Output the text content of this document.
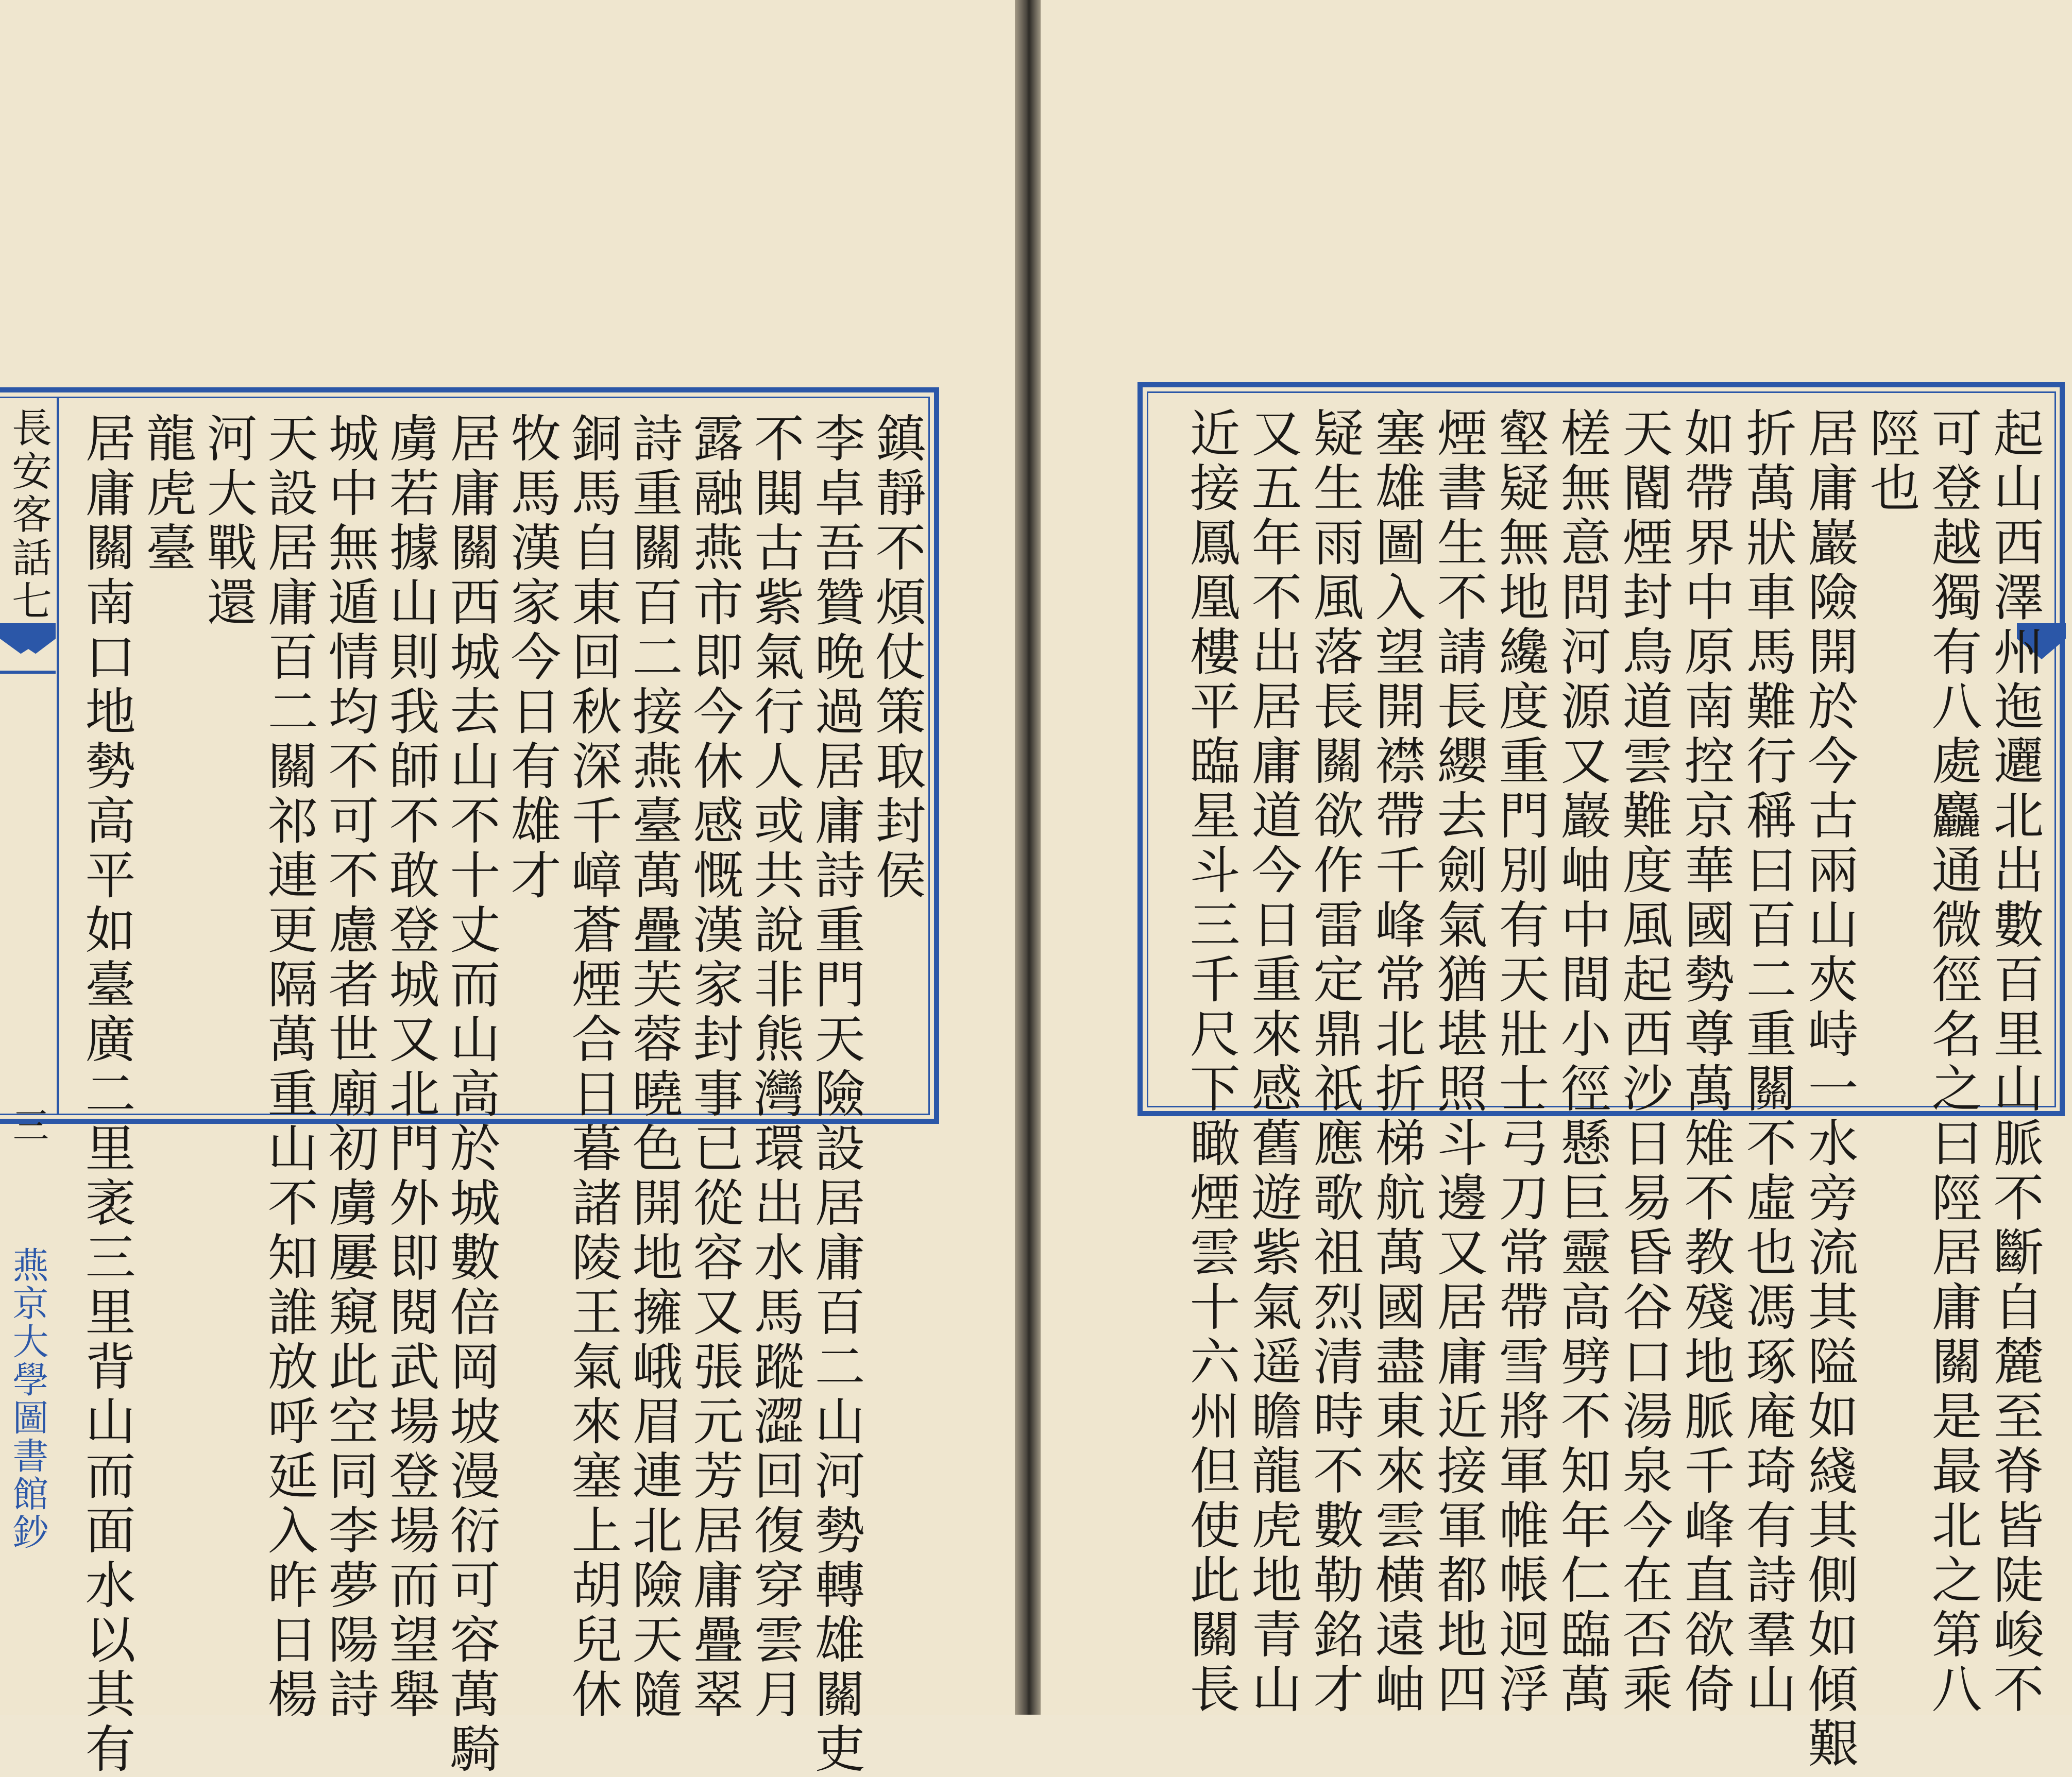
長安客話七
三
燕京大學圖書館鈔
鎮靜不煩仗策取封侯
李卓吾贊晚過居庸詩重門天險設居庸百二山河勢轉雄關吏
不閧古紫氣行人或共說非熊灣環出水馬蹤澀回復穿雲月
露融燕市即今休感慨漢家封事已從容又張元芳居庸疊翠
詩重關百二接燕臺萬疊芙蓉曉色開地擁峨眉連北險天隨
銅馬自東回秋深千嶂蒼煙合日暮諸陵王氣來塞上胡兒休
牧馬漢家今日有雄才
居庸關西城去山不十丈而山高於城數倍岡坡漫衍可容萬騎
虜若據山則我師不敢登城又北門外即閱武場登場而望舉
城中無遁情均不可不慮者世廟初虜屢窺此空同李夢陽詩
天設居庸百二關祁連更隔萬重山不知誰放呼延入昨日楊
河大戰還
龍虎臺
居庸關南口地勢高平如臺廣二里袤三里背山而面水以其有	起山西澤州迤邐北出數百里山脈不斷自麓至脊皆陡峻不
可登越獨有八處麤通微徑名之曰陘居庸關是最北之第八
陘也
居庸巖險開於今古兩山夾峙一水旁流其隘如綫其側如傾艱
折萬狀車馬難行稱曰百二重關不虛也馮琢庵琦有詩羣山
如帶界中原南控京華國勢尊萬雉不教殘地脈千峰直欲倚
天閽煙封鳥道雲難度風起西沙日易昏谷口湯泉今在否乘
槎無意問河源又巖岫中間小徑懸巨靈高劈不知年仁臨萬
壑疑無地纔度重門別有天壯士弓刀常帶雪將軍帷帳迥浮
煙書生不請長纓去劍氣猶堪照斗邊又居庸近接軍都地四
塞雄圖入望開襟帶千峰常北折梯航萬國盡東來雲横遠岫
疑生雨風落長關欲作雷定鼎祇應歌祖烈清時不數勒銘才
又五年不出居庸道今日重來感舊遊紫氣遥瞻龍虎地青山
近接鳳凰樓平臨星斗三千尺下瞰煙雲十六州但使此關長
